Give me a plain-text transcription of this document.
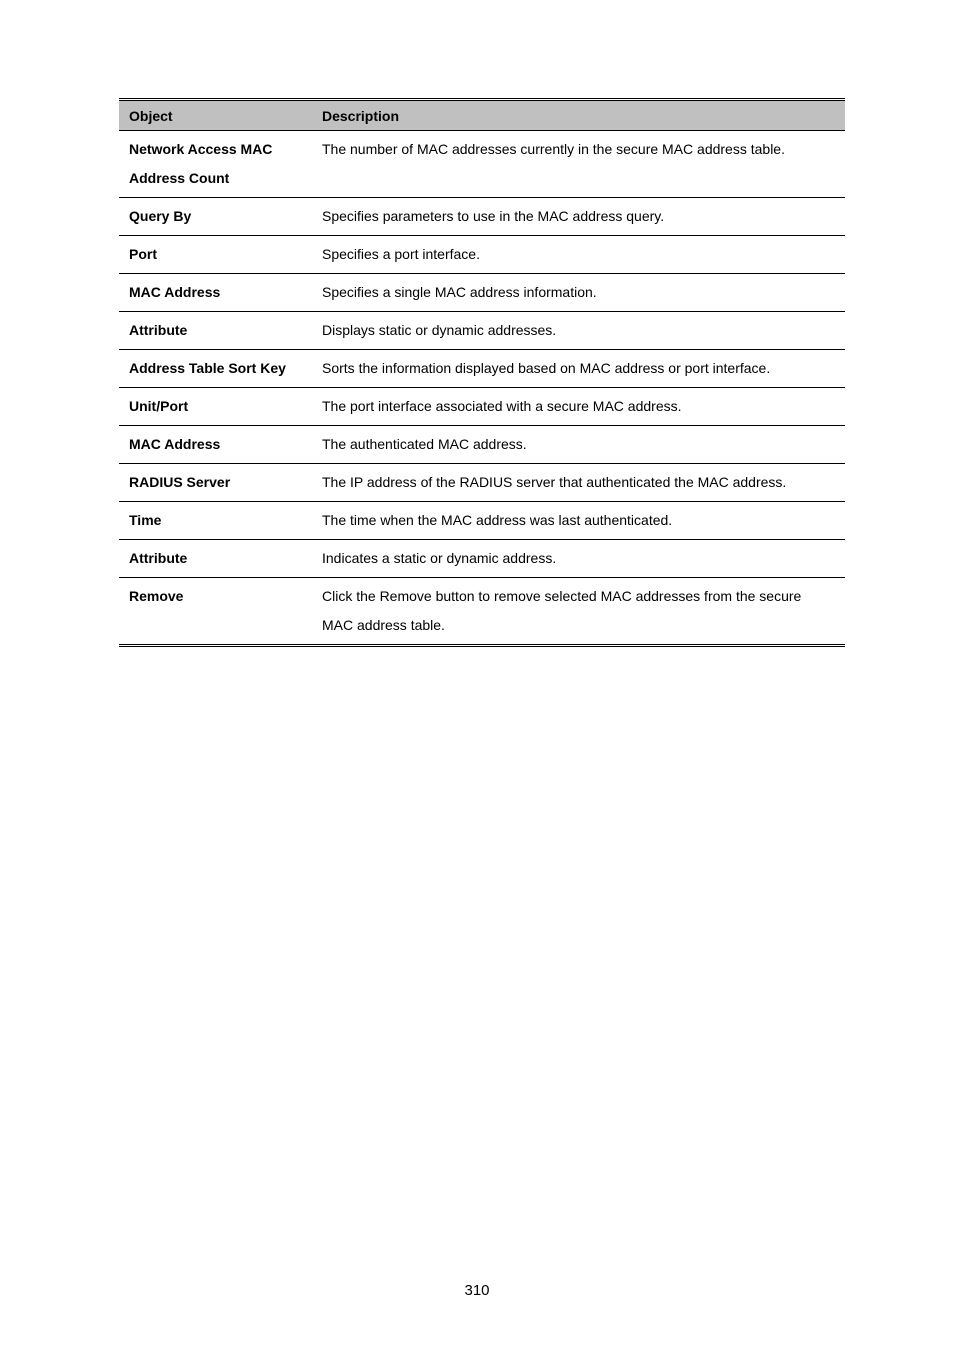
Object	Description
Network Access MAC Address Count	The number of MAC addresses currently in the secure MAC address table.
Query By	Specifies parameters to use in the MAC address query.
Port	Specifies a port interface.
MAC Address	Specifies a single MAC address information.
Attribute	Displays static or dynamic addresses.
Address Table Sort Key	Sorts the information displayed based on MAC address or port interface.
Unit/Port	The port interface associated with a secure MAC address.
MAC Address	The authenticated MAC address.
RADIUS Server	The IP address of the RADIUS server that authenticated the MAC address.
Time	The time when the MAC address was last authenticated.
Attribute	Indicates a static or dynamic address.
Remove	Click the Remove button to remove selected MAC addresses from the secure MAC address table.
310
